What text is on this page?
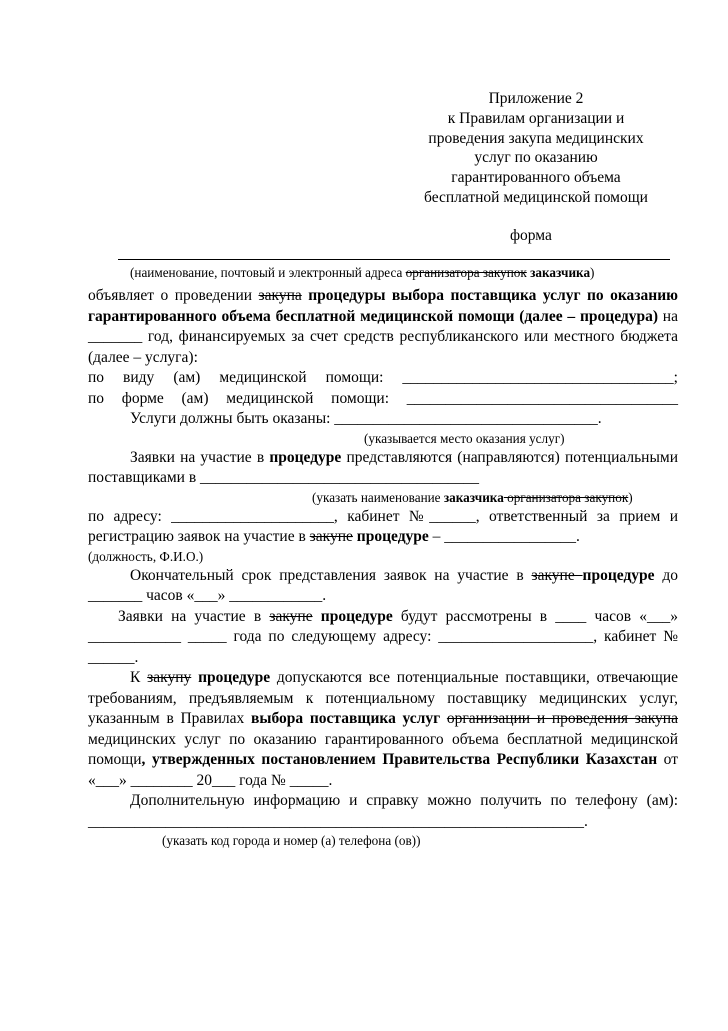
Приложение 2
к Правилам организации и
проведения закупа медицинских
услуг по оказанию
гарантированного объема
бесплатной медицинской помощи
форма
(наименование, почтовый и электронный адреса организатора закупок заказчика)

объявляет о проведении закупа процедуры выбора поставщика услуг по оказанию гарантированного объема бесплатной медицинской помощи (далее – процедура) на _______ год, финансируемых за счет средств республиканского или местного бюджета (далее – услуга):

по виду (ам) медицинской помощи: ___________________________________;

по форме (ам) медицинской помощи: ___________________________________

Услуги должны быть оказаны: __________________________________.

(указывается место оказания услуг)

Заявки на участие в процедуре представляются (направляются) потенциальными поставщиками в ____________________________________

(указать наименование заказчика организатора закупок)

по адресу: _____________________, кабинет №______, ответственный за прием и регистрацию заявок на участие в закупе процедуре – _________________.

(должность, Ф.И.О.)

Окончательный срок представления заявок на участие в закупе процедуре до _______ часов «___» ____________.

Заявки на участие в закупе процедуре будут рассмотрены в ____ часов «___» ____________ _____ года по следующему адресу: ____________________, кабинет № ______.

К закупу процедуре допускаются все потенциальные поставщики, отвечающие требованиям, предъявляемым к потенциальному поставщику медицинских услуг, указанным в Правилах выбора поставщика услуг организации и проведения закупа медицинских услуг по оказанию гарантированного объема бесплатной медицинской помощи, утвержденных постановлением Правительства Республики Казахстан от «___» ________ 20___ года № _____.

Дополнительную информацию и справку можно получить по телефону (ам): ________________________________________________________________.

(указать код города и номер (а) телефона (ов))
